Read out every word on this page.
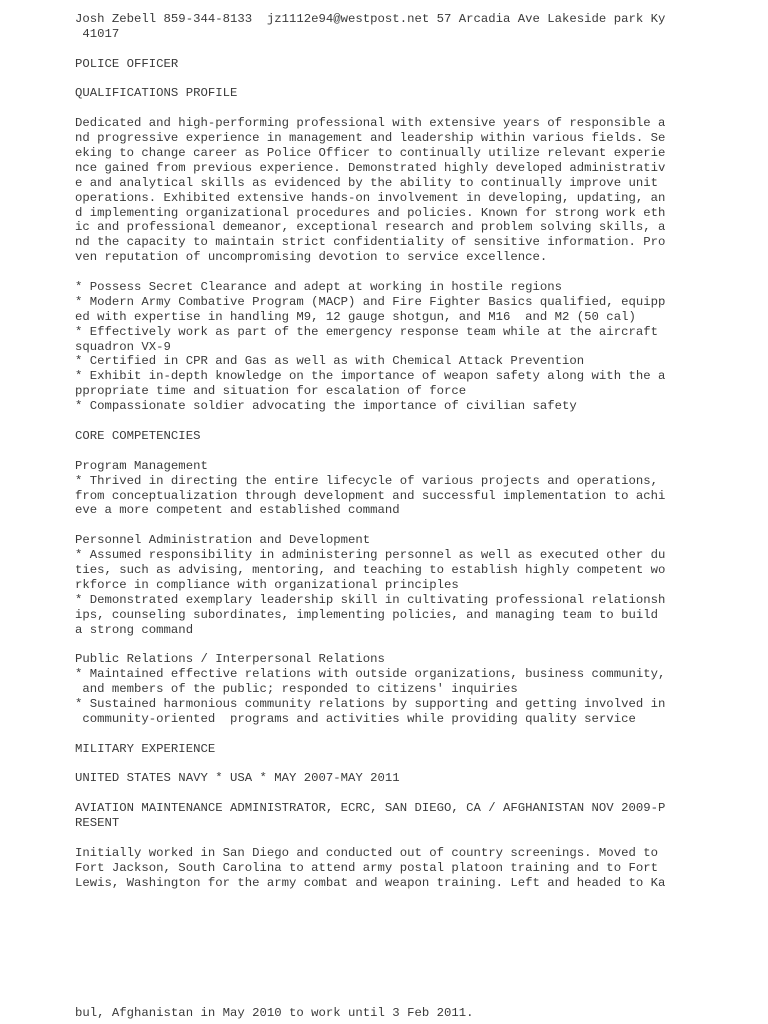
Josh Zebell 859-344-8133  jz1112e94@westpost.net 57 Arcadia Ave Lakeside park Ky
41017
POLICE OFFICER
QUALIFICATIONS PROFILE
Dedicated and high-performing professional with extensive years of responsible a
nd progressive experience in management and leadership within various fields. Se
eking to change career as Police Officer to continually utilize relevant experie
nce gained from previous experience. Demonstrated highly developed administrativ
e and analytical skills as evidenced by the ability to continually improve unit
operations. Exhibited extensive hands-on involvement in developing, updating, an
d implementing organizational procedures and policies. Known for strong work eth
ic and professional demeanor, exceptional research and problem solving skills, a
nd the capacity to maintain strict confidentiality of sensitive information. Pro
ven reputation of uncompromising devotion to service excellence.
* Possess Secret Clearance and adept at working in hostile regions
* Modern Army Combative Program (MACP) and Fire Fighter Basics qualified, equipp
ed with expertise in handling M9, 12 gauge shotgun, and M16  and M2 (50 cal)
* Effectively work as part of the emergency response team while at the aircraft
squadron VX-9
* Certified in CPR and Gas as well as with Chemical Attack Prevention
* Exhibit in-depth knowledge on the importance of weapon safety along with the a
ppropriate time and situation for escalation of force
* Compassionate soldier advocating the importance of civilian safety
CORE COMPETENCIES
Program Management
* Thrived in directing the entire lifecycle of various projects and operations,
from conceptualization through development and successful implementation to achi
eve a more competent and established command
Personnel Administration and Development
* Assumed responsibility in administering personnel as well as executed other du
ties, such as advising, mentoring, and teaching to establish highly competent wo
rkforce in compliance with organizational principles
* Demonstrated exemplary leadership skill in cultivating professional relationsh
ips, counseling subordinates, implementing policies, and managing team to build
a strong command
Public Relations / Interpersonal Relations
* Maintained effective relations with outside organizations, business community,
and members of the public; responded to citizens' inquiries
* Sustained harmonious community relations by supporting and getting involved in
community-oriented  programs and activities while providing quality service
MILITARY EXPERIENCE
UNITED STATES NAVY * USA * MAY 2007-MAY 2011
AVIATION MAINTENANCE ADMINISTRATOR, ECRC, SAN DIEGO, CA / AFGHANISTAN NOV 2009-P
RESENT
Initially worked in San Diego and conducted out of country screenings. Moved to
Fort Jackson, South Carolina to attend army postal platoon training and to Fort
Lewis, Washington for the army combat and weapon training. Left and headed to Ka
bul, Afghanistan in May 2010 to work until 3 Feb 2011.
